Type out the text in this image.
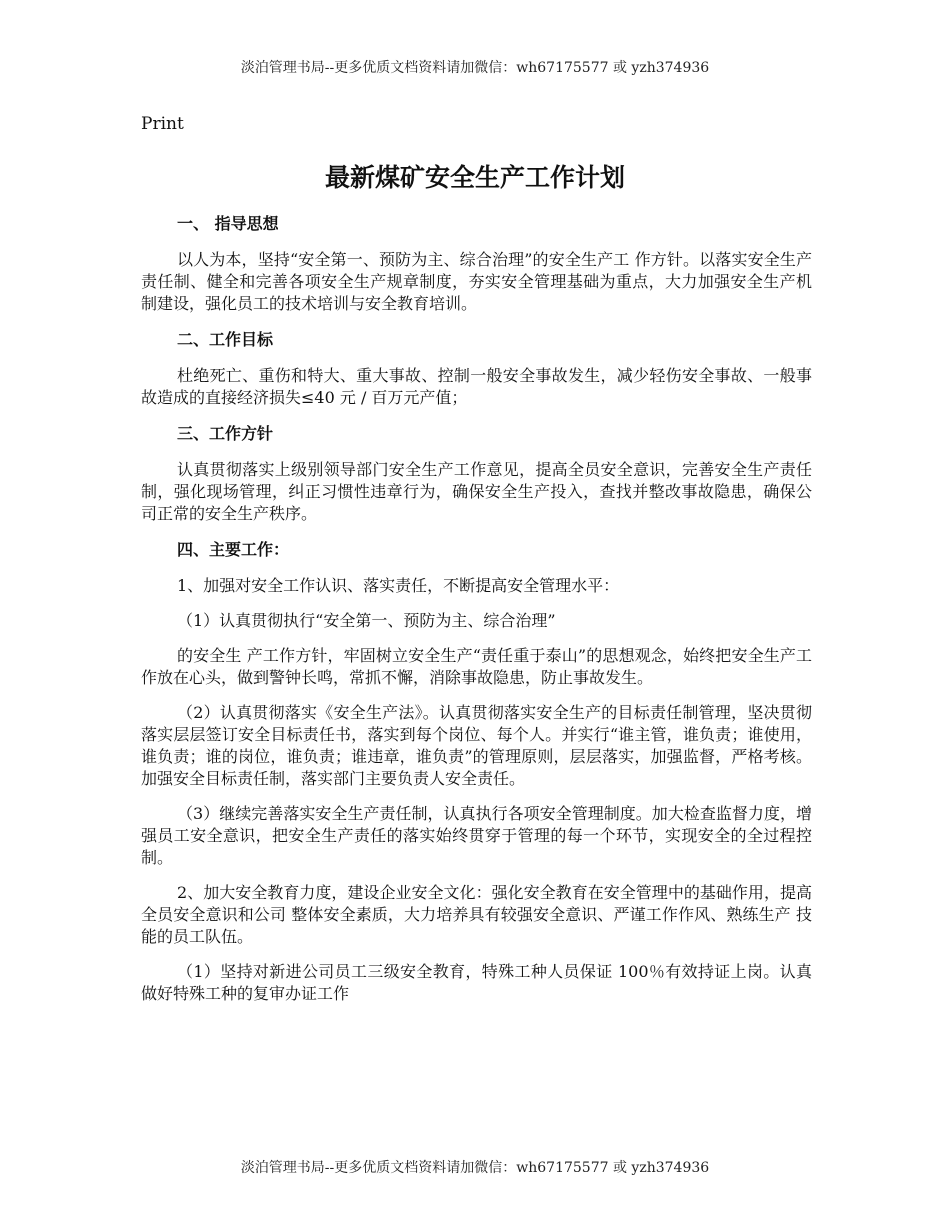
淡泊管理书局--更多优质文档资料请加微信：wh67175577 或 yzh374936
Print
最新煤矿安全生产工作计划
一、 指导思想
以人为本，坚持“安全第一、预防为主、综合治理”的安全生产工 作方针。以落实安全生产责任制、健全和完善各项安全生产规章制度，夯实安全管理基础为重点，大力加强安全生产机制建设，强化员工的技术培训与安全教育培训。
二、工作目标
杜绝死亡、重伤和特大、重大事故、控制一般安全事故发生，减少轻伤安全事故、一般事故造成的直接经济损失≤40 元 / 百万元产值；
三、工作方针
认真贯彻落实上级别领导部门安全生产工作意见，提高全员安全意识，完善安全生产责任制，强化现场管理，纠正习惯性违章行为，确保安全生产投入，查找并整改事故隐患，确保公司正常的安全生产秩序。
四、主要工作：
1、加强对安全工作认识、落实责任，不断提高安全管理水平：
（1）认真贯彻执行“安全第一、预防为主、综合治理”
的安全生 产工作方针，牢固树立安全生产“责任重于泰山”的思想观念，始终把安全生产工作放在心头，做到警钟长鸣，常抓不懈，消除事故隐患，防止事故发生。
（2）认真贯彻落实《安全生产法》。认真贯彻落实安全生产的目标责任制管理，坚决贯彻落实层层签订安全目标责任书，落实到每个岗位、每个人。并实行“谁主管，谁负责；谁使用，谁负责；谁的岗位，谁负责；谁违章，谁负责”的管理原则，层层落实，加强监督，严格考核。加强安全目标责任制，落实部门主要负责人安全责任。
（3）继续完善落实安全生产责任制，认真执行各项安全管理制度。加大检查监督力度，增强员工安全意识，把安全生产责任的落实始终贯穿于管理的每一个环节，实现安全的全过程控制。
2、加大安全教育力度，建设企业安全文化：强化安全教育在安全管理中的基础作用，提高全员安全意识和公司 整体安全素质，大力培养具有较强安全意识、严谨工作作风、熟练生产 技能的员工队伍。
（1）坚持对新进公司员工三级安全教育，特殊工种人员保证 100％有效持证上岗。认真做好特殊工种的复审办证工作
淡泊管理书局--更多优质文档资料请加微信：wh67175577 或 yzh374936
